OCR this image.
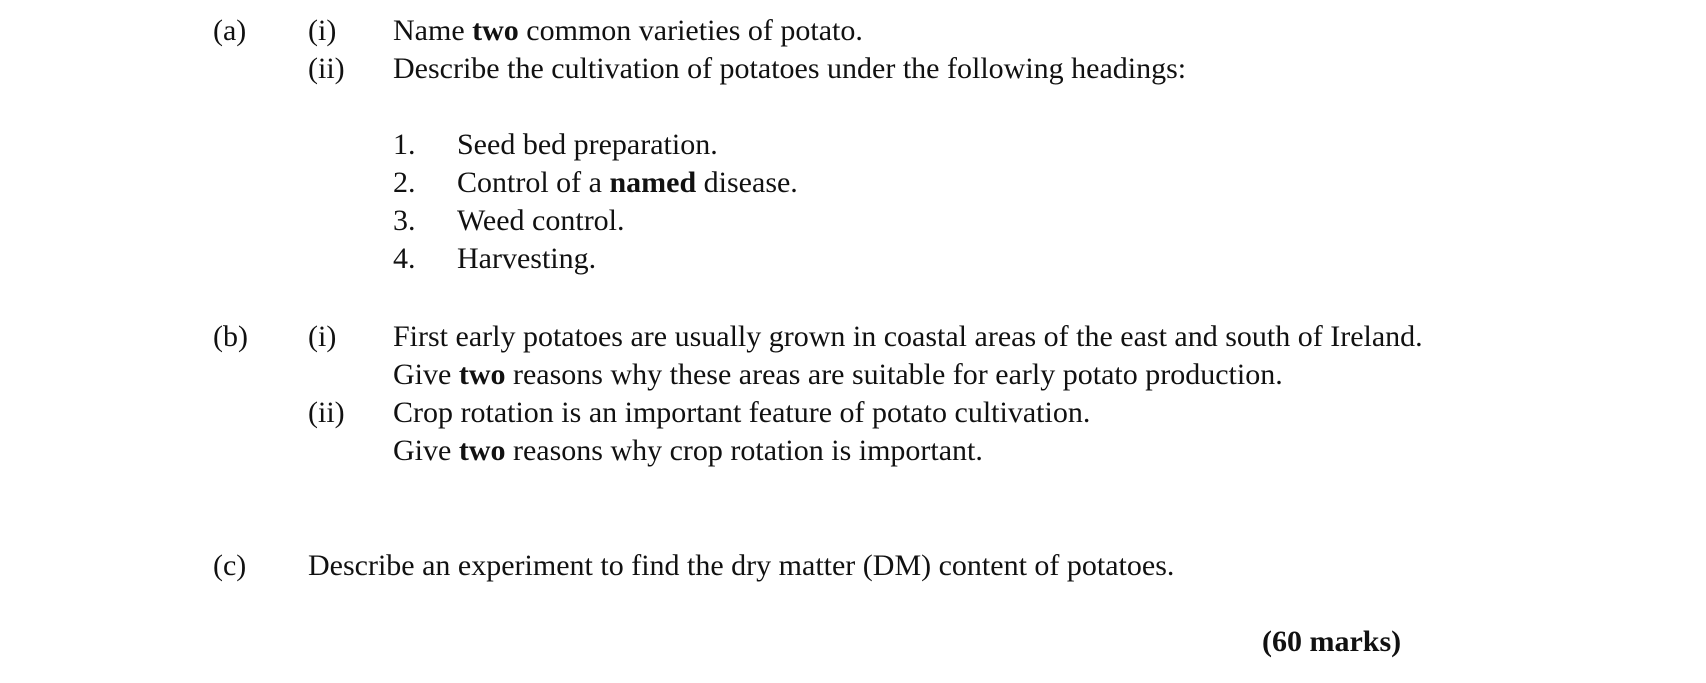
(a) (i) Name two common varieties of potato.
(ii) Describe the cultivation of potatoes under the following headings:
1. Seed bed preparation.
2. Control of a named disease.
3. Weed control.
4. Harvesting.
(b) (i) First early potatoes are usually grown in coastal areas of the east and south of Ireland.
Give two reasons why these areas are suitable for early potato production.
(ii) Crop rotation is an important feature of potato cultivation.
Give two reasons why crop rotation is important.
(c) Describe an experiment to find the dry matter (DM) content of potatoes.
(60 marks)
